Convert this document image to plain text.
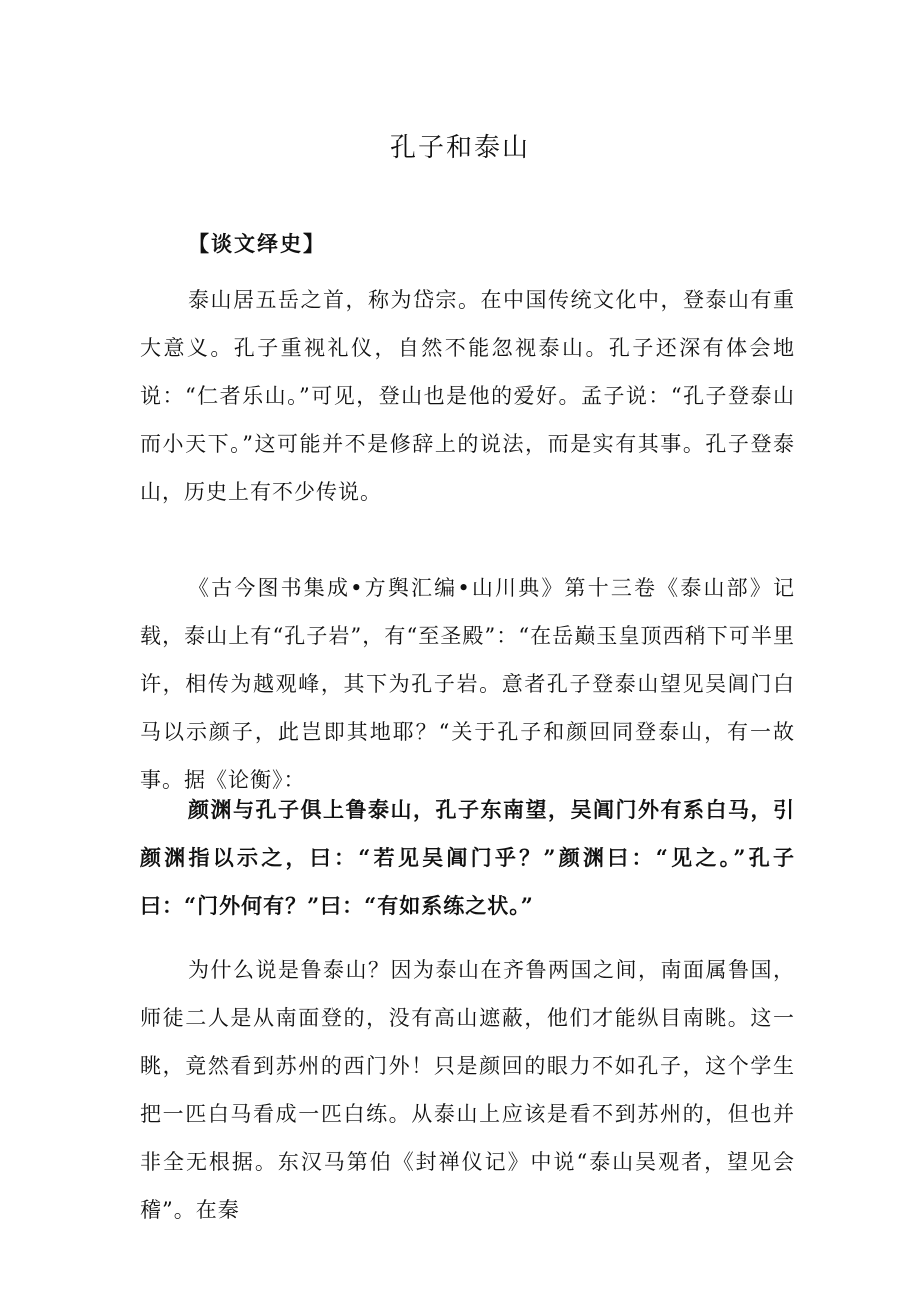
孔子和泰山

【谈文绎史】

泰山居五岳之首，称为岱宗。在中国传统文化中，登泰山有重大意义。孔子重视礼仪，自然不能忽视泰山。孔子还深有体会地说：“仁者乐山。”可见，登山也是他的爱好。孟子说：“孔子登泰山而小天下。”这可能并不是修辞上的说法，而是实有其事。孔子登泰山，历史上有不少传说。

《古今图书集成•方舆汇编•山川典》第十三卷《泰山部》记载，泰山上有“孔子岩”，有“至圣殿”：“在岳巅玉皇顶西稍下可半里许，相传为越观峰，其下为孔子岩。意者孔子登泰山望见吴阊门白马以示颜子，此岂即其地耶？“关于孔子和颜回同登泰山，有一故事。据《论衡》：

颜渊与孔子俱上鲁泰山，孔子东南望，吴阊门外有系白马，引颜渊指以示之，曰：“若见吴阊门乎？”颜渊曰：“见之。”孔子曰：“门外何有？”曰：“有如系练之状。”

为什么说是鲁泰山？因为泰山在齐鲁两国之间，南面属鲁国，师徒二人是从南面登的，没有高山遮蔽，他们才能纵目南眺。这一眺，竟然看到苏州的西门外！只是颜回的眼力不如孔子，这个学生把一匹白马看成一匹白练。从泰山上应该是看不到苏州的，但也并非全无根据。东汉马第伯《封禅仪记》中说“泰山吴观者，望见会稽”。在秦
